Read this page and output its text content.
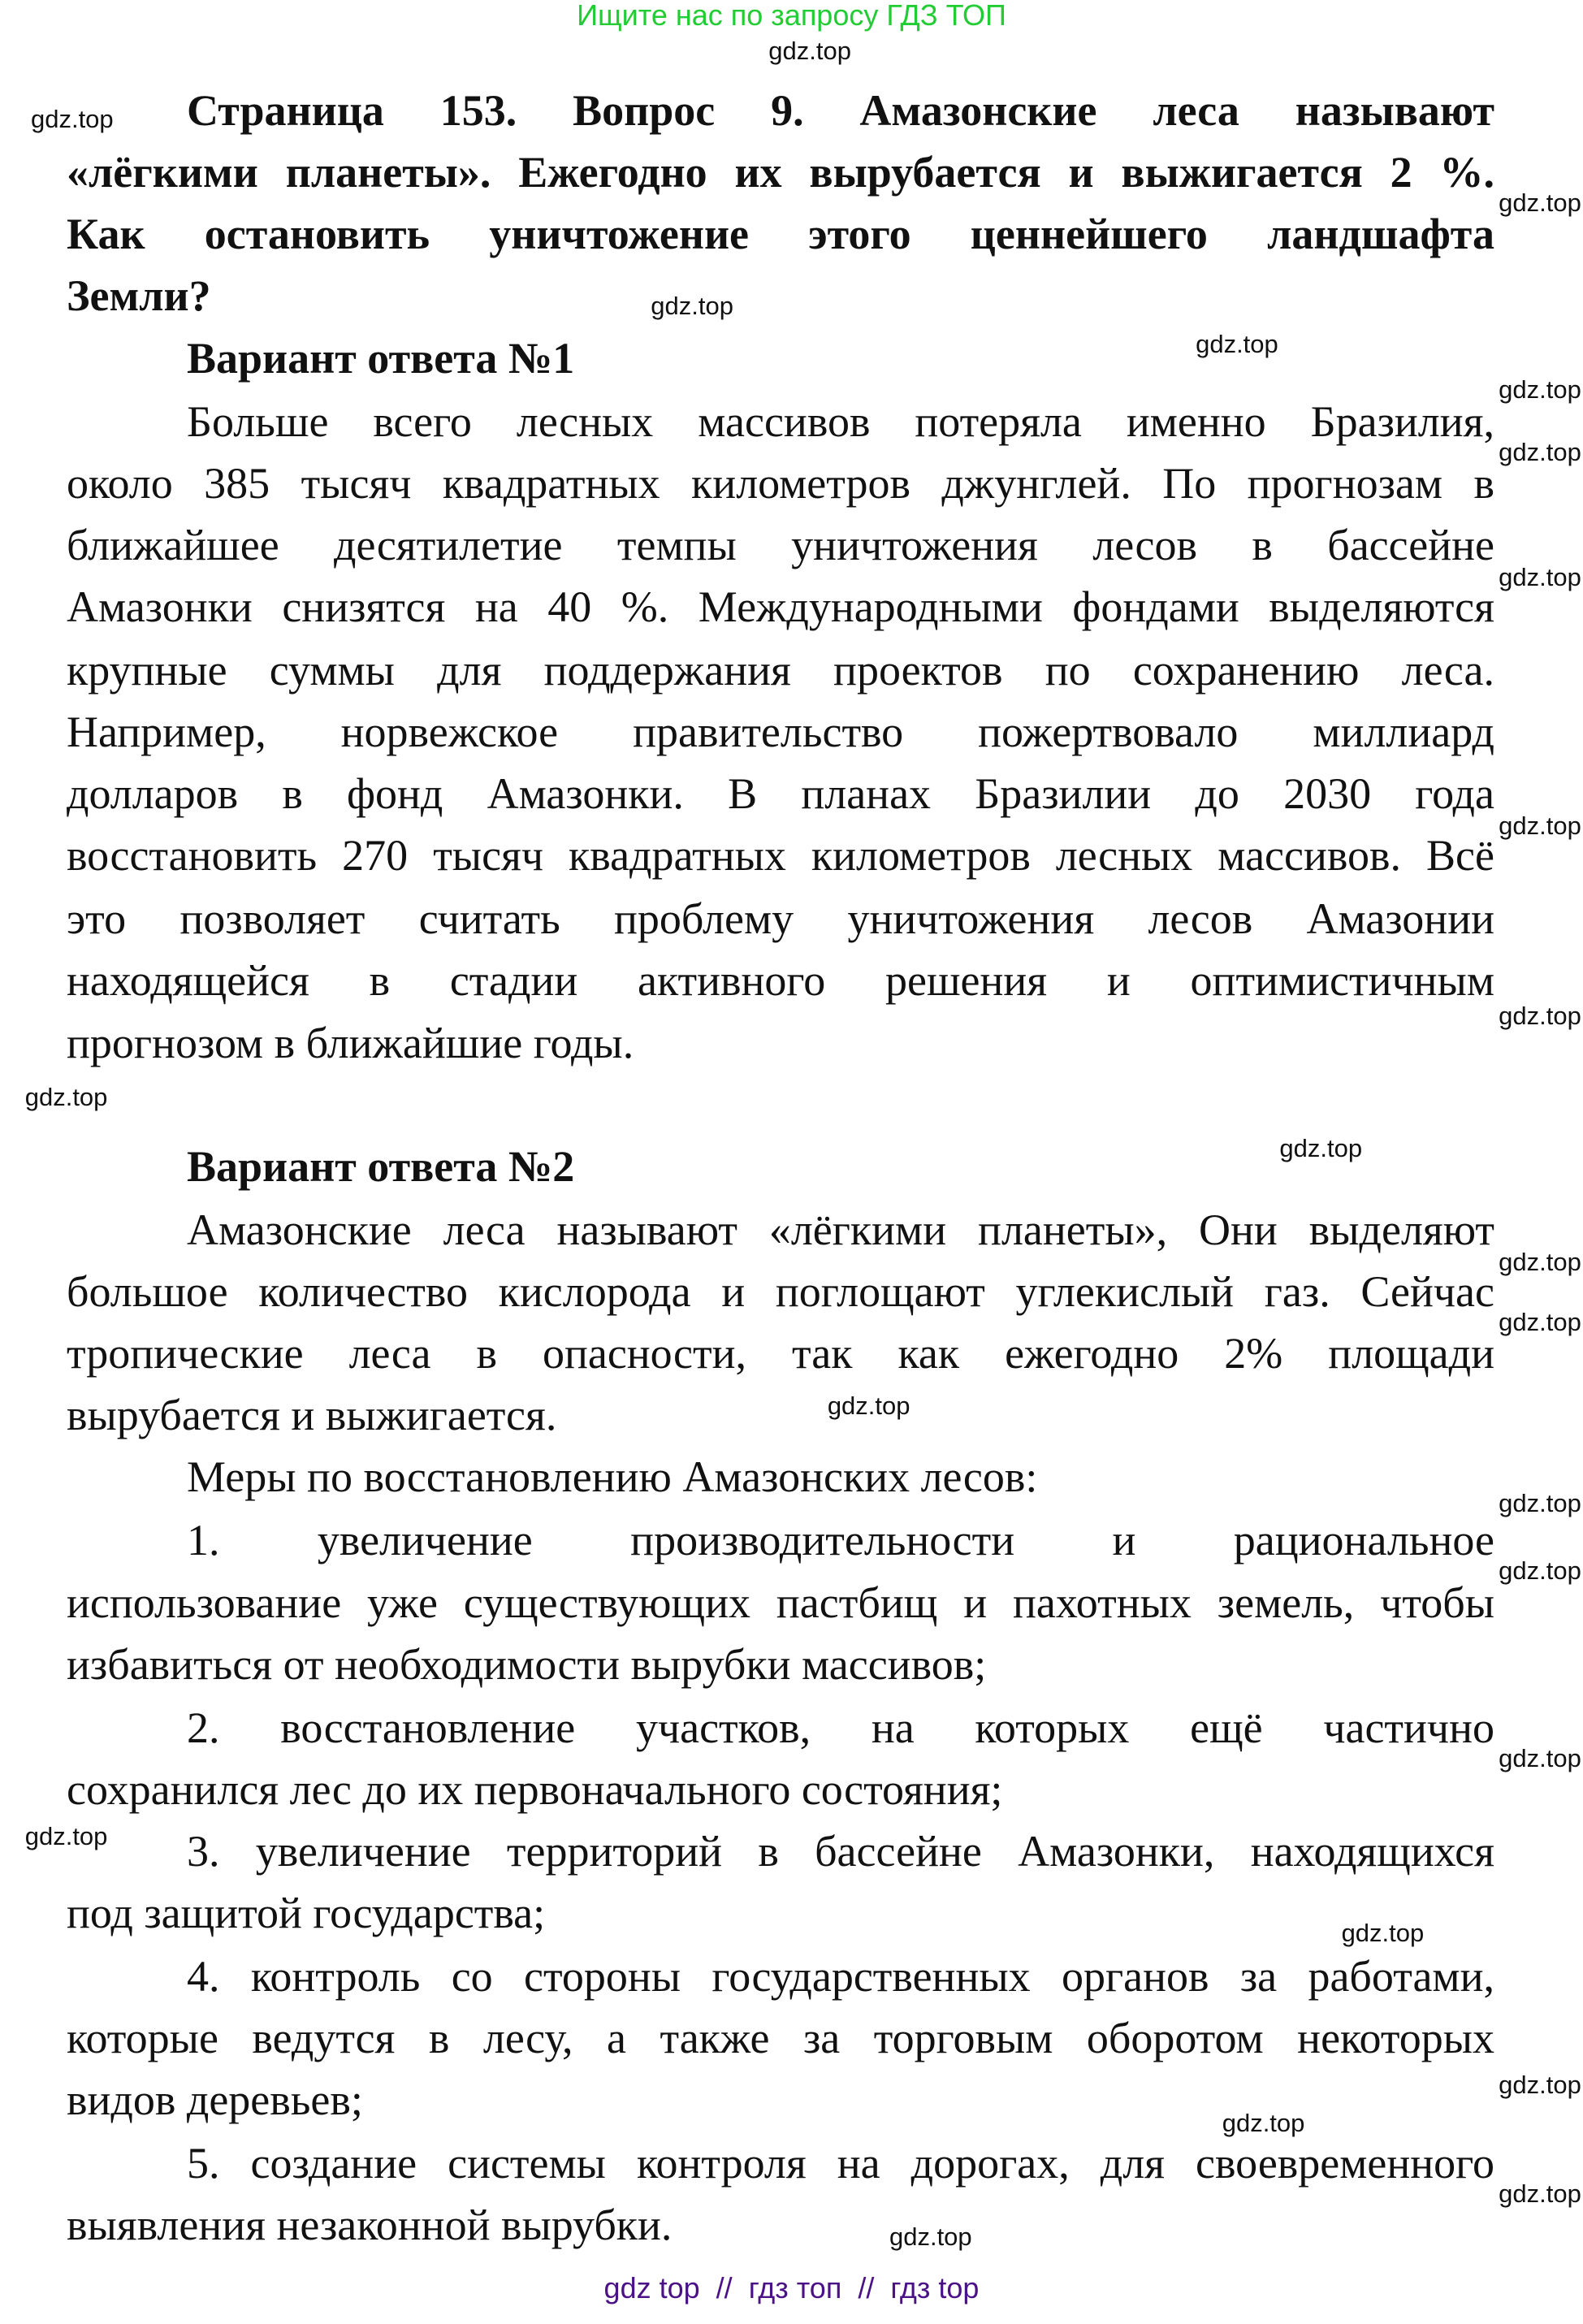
Ищите нас по запросу ГДЗ ТОП
Страница 153. Вопрос 9. Амазонские леса называют
«лёгкими планеты». Ежегодно их вырубается и выжигается 2 %.
Как остановить уничтожение этого ценнейшего ландшафта
Земли?
Вариант ответа №1
Больше всего лесных массивов потеряла именно Бразилия,
около 385 тысяч квадратных километров джунглей. По прогнозам в
ближайшее десятилетие темпы уничтожения лесов в бассейне
Амазонки снизятся на 40 %. Международными фондами выделяются
крупные суммы для поддержания проектов по сохранению леса.
Например, норвежское правительство пожертвовало миллиард
долларов в фонд Амазонки. В планах Бразилии до 2030 года
восстановить 270 тысяч квадратных километров лесных массивов. Всё
это позволяет считать проблему уничтожения лесов Амазонии
находящейся в стадии активного решения и оптимистичным
прогнозом в ближайшие годы.
Вариант ответа №2
Амазонские леса называют «лёгкими планеты», Они выделяют
большое количество кислорода и поглощают углекислый газ. Сейчас
тропические леса в опасности, так как ежегодно 2% площади
вырубается и выжигается.
Меры по восстановлению Амазонских лесов:
1. увеличение производительности и рациональное
использование уже существующих пастбищ и пахотных земель, чтобы
избавиться от необходимости вырубки массивов;
2. восстановление участков, на которых ещё частично
сохранился лес до их первоначального состояния;
3. увеличение территорий в бассейне Амазонки, находящихся
под защитой государства;
4. контроль со стороны государственных органов за работами,
которые ведутся в лесу, а также за торговым оборотом некоторых
видов деревьев;
5. создание системы контроля на дорогах, для своевременного
выявления незаконной вырубки.
gdz.top
gdz.top
gdz.top
gdz.top
gdz.top
gdz.top
gdz.top
gdz.top
gdz.top
gdz.top
gdz.top
gdz.top
gdz.top
gdz.top
gdz.top
gdz.top
gdz.top
gdz.top
gdz.top
gdz.top
gdz.top
gdz.top
gdz.top
gdz.top
gdz top // гдз топ // гдз top
